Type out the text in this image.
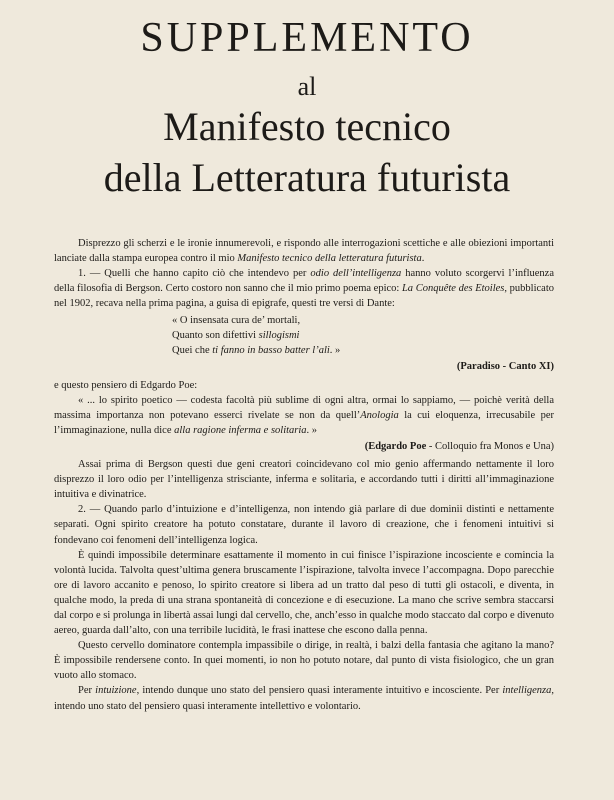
SUPPLEMENTO
al
Manifesto tecnico
della Letteratura futurista

Disprezzo gli scherzi e le ironie innumerevoli, e rispondo alle interrogazioni scettiche e alle obiezioni importanti lanciate dalla stampa europea contro il mio Manifesto tecnico della letteratura futurista.

1. — Quelli che hanno capito ciò che intendevo per odio dell’intelligenza hanno voluto scorgervi l’influenza della filosofia di Bergson. Certo costoro non sanno che il mio primo poema epico: La Conquête des Etoiles, pubblicato nel 1902, recava nella prima pagina, a guisa di epigrafe, questi tre versi di Dante:

« O insensata cura de’ mortali,
Quanto son difettivi sillogismi
Quei che ti fanno in basso batter l’ali. »
(Paradiso - Canto XI)

e questo pensiero di Edgardo Poe:

« ... lo spirito poetico — codesta facoltà più sublime di ogni altra, ormai lo sappiamo, — poichè verità della massima importanza non potevano esserci rivelate se non da quell’Anologia la cui eloquenza, irrecusabile per l’immaginazione, nulla dice alla ragione inferma e solitaria. »

(Edgardo Poe - Colloquio fra Monos e Una)

Assai prima di Bergson questi due geni creatori coincidevano col mio genio affermando nettamente il loro disprezzo il loro odio per l’intelligenza strisciante, inferma e solitaria, e accordando tutti i diritti all’immaginazione intuitiva e divinatrice.

2. — Quando parlo d’intuizione e d’intelligenza, non intendo già parlare di due dominii distinti e nettamente separati. Ogni spirito creatore ha potuto constatare, durante il lavoro di creazione, che i fenomeni intuitivi si fondevano coi fenomeni dell’intelligenza logica.

È quindi impossibile determinare esattamente il momento in cui finisce l’ispirazione incosciente e comincia la volontà lucida. Talvolta quest’ultima genera bruscamente l’ispirazione, talvolta invece l’accompagna. Dopo parecchie ore di lavoro accanito e penoso, lo spirito creatore si libera ad un tratto dal peso di tutti gli ostacoli, e diventa, in qualche modo, la preda di una strana spontaneità di concezione e di esecuzione. La mano che scrive sembra staccarsi dal corpo e si prolunga in libertà assai lungi dal cervello, che, anch’esso in qualche modo staccato dal corpo e divenuto aereo, guarda dall’alto, con una terribile lucidità, le frasi inattese che escono dalla penna.

Questo cervello dominatore contempla impassibile o dirige, in realtà, i balzi della fantasia che agitano la mano? È impossibile rendersene conto. In quei momenti, io non ho potuto notare, dal punto di vista fisiologico, che un gran vuoto allo stomaco.

Per intuizione, intendo dunque uno stato del pensiero quasi interamente intuitivo e incosciente. Per intelligenza, intendo uno stato del pensiero quasi interamente intellettivo e volontario.
